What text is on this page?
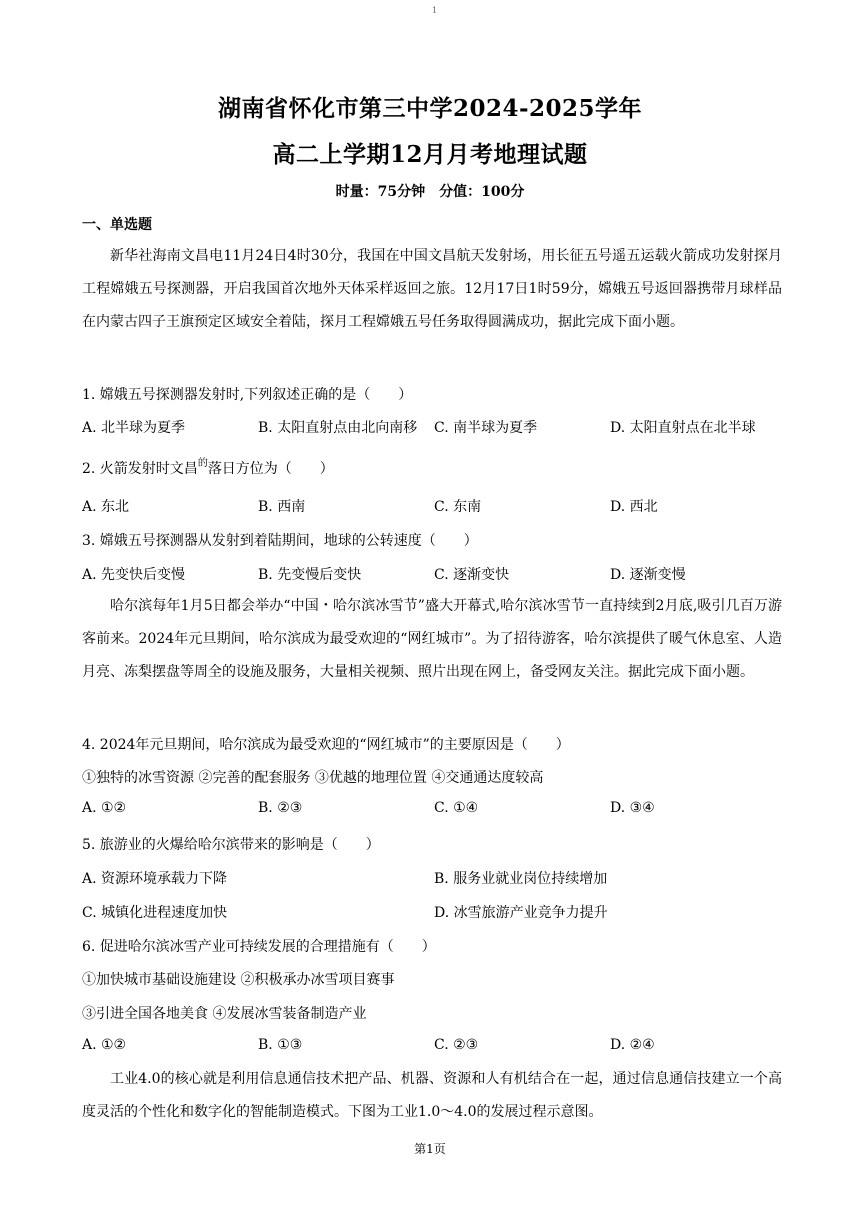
1
湖南省怀化市第三中学2024-2025学年
高二上学期12月月考地理试题
时量：75分钟　分值：100分
一、单选题

新华社海南文昌电11月24日4时30分，我国在中国文昌航天发射场，用长征五号遥五运载火箭成功发射探月工程嫦娥五号探测器，开启我国首次地外天体采样返回之旅。12月17日1时59分，嫦娥五号返回器携带月球样品在内蒙古四子王旗预定区域安全着陆，探月工程嫦娥五号任务取得圆满成功，据此完成下面小题。

1. 嫦娥五号探测器发射时,下列叙述正确的是（　　）
A. 北半球为夏季	B. 太阳直射点由北向南移 C. 南半球为夏季	D. 太阳直射点在北半球
2. 火箭发射时文昌$^的$落日方位为（　　）
A. 东北	B. 西南	C. 东南	D. 西北
3. 嫦娥五号探测器从发射到着陆期间，地球的公转速度（　　）
A. 先变快后变慢	B. 先变慢后变快	C. 逐渐变快	D. 逐渐变慢

哈尔滨每年1月5日都会举办“中国・哈尔滨冰雪节”盛大开幕式,哈尔滨冰雪节一直持续到2月底,吸引几百万游客前来。2024年元旦期间，哈尔滨成为最受欢迎的“网红城市”。为了招待游客，哈尔滨提供了暖气休息室、人造月亮、冻梨摆盘等周全的设施及服务，大量相关视频、照片出现在网上，备受网友关注。据此完成下面小题。

4. 2024年元旦期间，哈尔滨成为最受欢迎的“网红城市”的主要原因是（　　）
①独特的冰雪资源 ②完善的配套服务 ③优越的地理位置 ④交通通达度较高
A. ①②	B. ②③	C. ①④	D. ③④
5. 旅游业的火爆给哈尔滨带来的影响是（　　）
A. 资源环境承载力下降	B. 服务业就业岗位持续增加
C. 城镇化进程速度加快	D. 冰雪旅游产业竞争力提升
6. 促进哈尔滨冰雪产业可持续发展的合理措施有（　　）
①加快城市基础设施建设 ②积极承办冰雪项目赛事
③引进全国各地美食 ④发展冰雪装备制造产业
A. ①②	B. ①③	C. ②③	D. ②④

工业4.0的核心就是利用信息通信技术把产品、机器、资源和人有机结合在一起，通过信息通信技建立一个高度灵活的个性化和数字化的智能制造模式。下图为工业1.0～4.0的发展过程示意图。

第1页
